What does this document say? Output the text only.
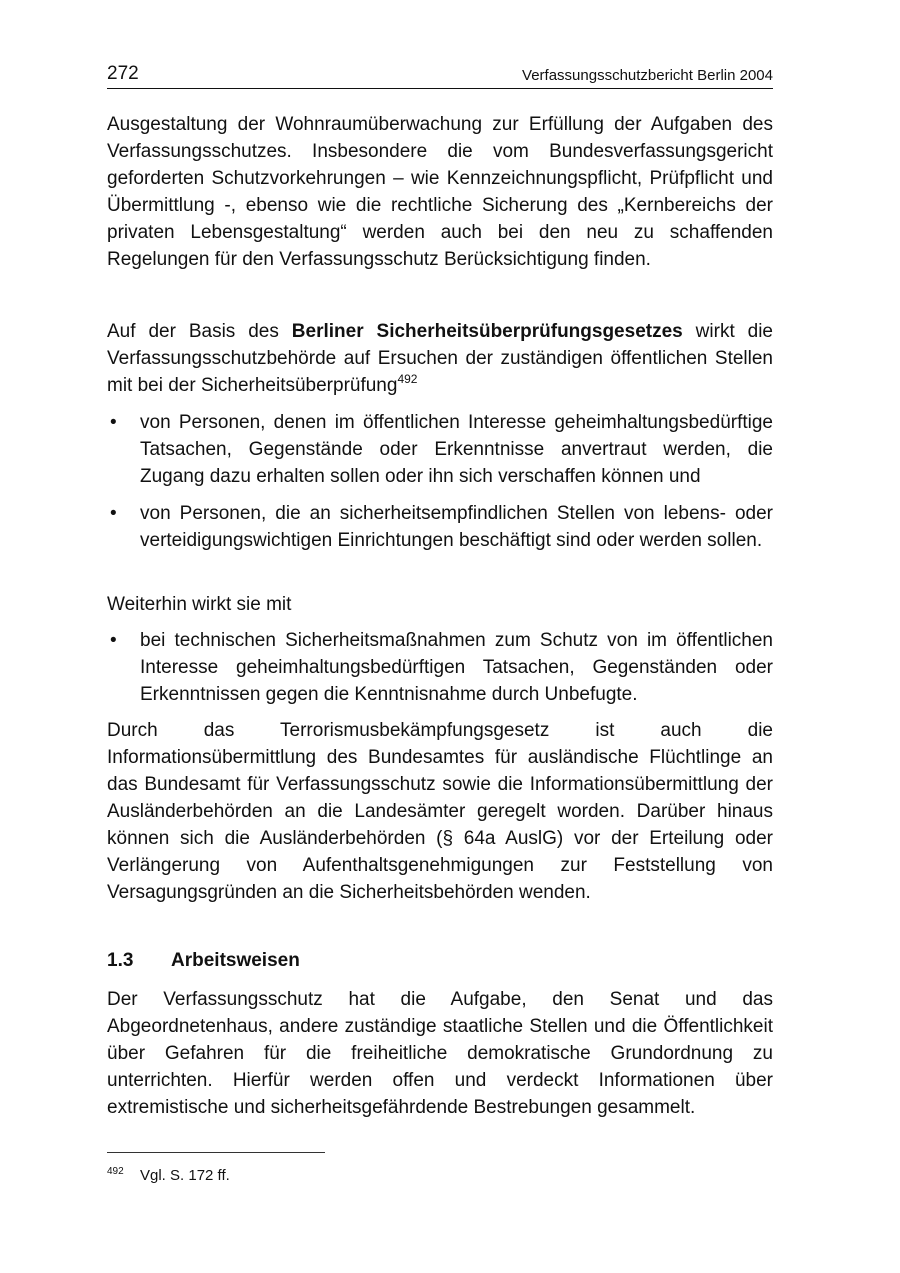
272	Verfassungsschutzbericht Berlin 2004

Ausgestaltung der Wohnraumüberwachung zur Erfüllung der Aufgaben des Verfassungsschutzes. Insbesondere die vom Bundesverfassungsgericht geforderten Schutzvorkehrungen – wie Kennzeichnungspflicht, Prüfpflicht und Übermittlung -, ebenso wie die rechtliche Sicherung des „Kernbereichs der privaten Lebensgestaltung“ werden auch bei den neu zu schaffenden Regelungen für den Verfassungsschutz Berücksichtigung finden.

Auf der Basis des Berliner Sicherheitsüberprüfungsgesetzes wirkt die Verfassungsschutzbehörde auf Ersuchen der zuständigen öffentlichen Stellen mit bei der Sicherheitsüberprüfung$^{492}$

• von Personen, denen im öffentlichen Interesse geheimhaltungsbedürftige Tatsachen, Gegenstände oder Erkenntnisse anvertraut werden, die Zugang dazu erhalten sollen oder ihn sich verschaffen können und
• von Personen, die an sicherheitsempfindlichen Stellen von lebens- oder verteidigungswichtigen Einrichtungen beschäftigt sind oder werden sollen.

Weiterhin wirkt sie mit

• bei technischen Sicherheitsmaßnahmen zum Schutz von im öffentlichen Interesse geheimhaltungsbedürftigen Tatsachen, Gegenständen oder Erkenntnissen gegen die Kenntnisnahme durch Unbefugte.

Durch das Terrorismusbekämpfungsgesetz ist auch die Informationsübermittlung des Bundesamtes für ausländische Flüchtlinge an das Bundesamt für Verfassungsschutz sowie die Informationsübermittlung der Ausländerbehörden an die Landesämter geregelt worden. Darüber hinaus können sich die Ausländerbehörden (§ 64a AuslG) vor der Erteilung oder Verlängerung von Aufenthaltsgenehmigungen zur Feststellung von Versagungsgründen an die Sicherheitsbehörden wenden.

1.3 Arbeitsweisen

Der Verfassungsschutz hat die Aufgabe, den Senat und das Abgeordnetenhaus, andere zuständige staatliche Stellen und die Öffentlichkeit über Gefahren für die freiheitliche demokratische Grundordnung zu unterrichten. Hierfür werden offen und verdeckt Informationen über extremistische und sicherheitsgefährdende Bestrebungen gesammelt.

492 Vgl. S. 172 ff.
